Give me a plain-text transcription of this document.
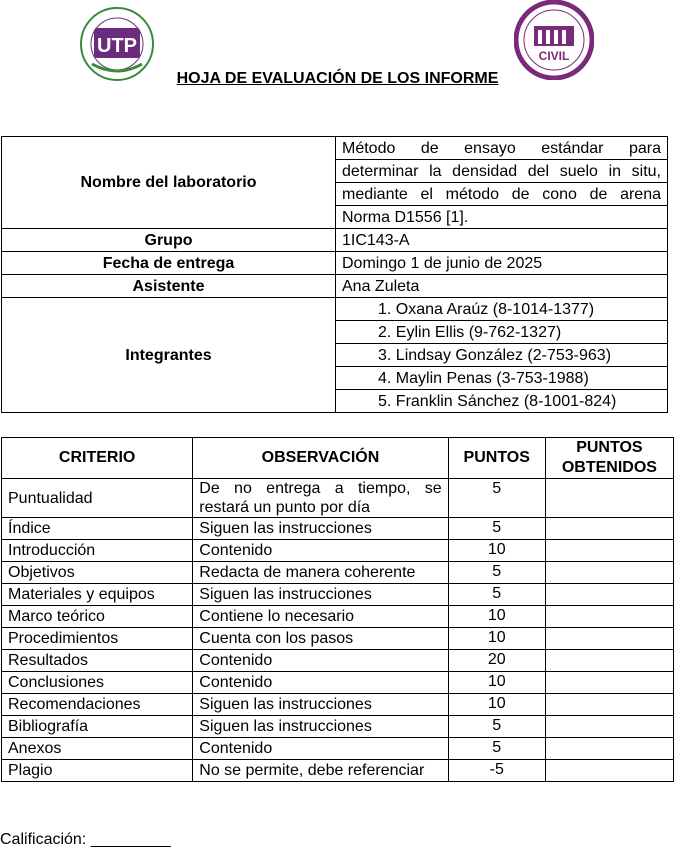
UTP	CIVIL
HOJA DE EVALUACIÓN DE LOS INFORME
Nombre del laboratorio	Método de ensayo estándar para
	determinar la densidad del suelo in situ,
	mediante el método de cono de arena
	Norma D1556 [1].
Grupo	1IC143-A
Fecha de entrega	Domingo 1 de junio de 2025
Asistente	Ana Zuleta
Integrantes	1. Oxana Araúz (8-1014-1377)
	2. Eylin Ellis (9-762-1327)
	3. Lindsay González (2-753-963)
	4. Maylin Penas (3-753-1988)
	5. Franklin Sánchez (8-1001-824)
CRITERIO	OBSERVACIÓN	PUNTOS	PUNTOS OBTENIDOS
Puntualidad	De no entrega a tiempo, se
restará un punto por día	5	
Índice	Siguen las instrucciones	5	
Introducción	Contenido	10	
Objetivos	Redacta de manera coherente	5	
Materiales y equipos	Siguen las instrucciones	5	
Marco teórico	Contiene lo necesario	10	
Procedimientos	Cuenta con los pasos	10	
Resultados	Contenido	20	
Conclusiones	Contenido	10	
Recomendaciones	Siguen las instrucciones	10	
Bibliografía	Siguen las instrucciones	5	
Anexos	Contenido	5	
Plagio	No se permite, debe referenciar	-5	
Calificación: _________
